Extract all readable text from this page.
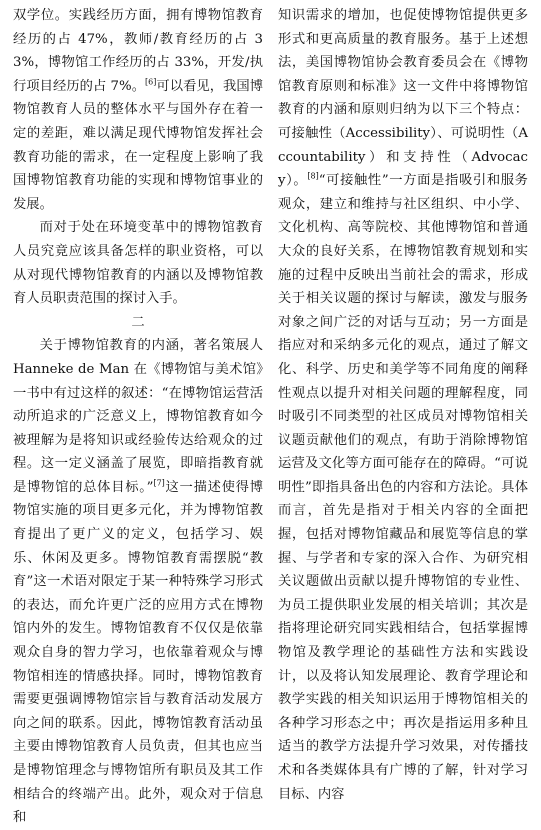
双学位。实践经历方面，拥有博物馆教育经历的占 47%，教师/教育经历的占 33%，博物馆工作经历的占 33%，开发/执行项目经历的占 7%。[6]可以看见，我国博物馆教育人员的整体水平与国外存在着一定的差距，难以满足现代博物馆发挥社会教育功能的需求，在一定程度上影响了我国博物馆教育功能的实现和博物馆事业的发展。

而对于处在环境变革中的博物馆教育人员究竟应该具备怎样的职业资格，可以从对现代博物馆教育的内涵以及博物馆教育人员职责范围的探讨入手。

二

关于博物馆教育的内涵，著名策展人 Hanneke de Man 在《博物馆与美术馆》一书中有过这样的叙述：“在博物馆运营活动所追求的广泛意义上，博物馆教育如今被理解为是将知识或经验传达给观众的过程。这一定义涵盖了展览，即暗指教育就是博物馆的总体目标。”[7]这一描述使得博物馆实施的项目更多元化，并为博物馆教育提出了更广义的定义，包括学习、娱乐、休闲及更多。博物馆教育需摆脱“教育”这一术语对限定于某一种特殊学习形式的表达，而允许更广泛的应用方式在博物馆内外的发生。博物馆教育不仅仅是依靠观众自身的智力学习，也依靠着观众与博物馆相连的情感抉择。同时，博物馆教育需要更强调博物馆宗旨与教育活动发展方向之间的联系。因此，博物馆教育活动虽主要由博物馆教育人员负责，但其也应当是博物馆理念与博物馆所有职员及其工作相结合的终端产出。此外，观众对于信息和

知识需求的增加，也促使博物馆提供更多形式和更高质量的教育服务。基于上述想法，美国博物馆协会教育委员会在《博物馆教育原则和标准》这一文件中将博物馆教育的内涵和原则归纳为以下三个特点：可接触性（Accessibility）、可说明性（Accountability）和支持性（Advocacy）。[8]“可接触性”一方面是指吸引和服务观众，建立和维持与社区组织、中小学、文化机构、高等院校、其他博物馆和普通大众的良好关系，在博物馆教育规划和实施的过程中反映出当前社会的需求，形成关于相关议题的探讨与解读，激发与服务对象之间广泛的对话与互动；另一方面是指应对和采纳多元化的观点，通过了解文化、科学、历史和美学等不同角度的阐释性观点以提升对相关问题的理解程度，同时吸引不同类型的社区成员对博物馆相关议题贡献他们的观点，有助于消除博物馆运营及文化等方面可能存在的障碍。“可说明性”即指具备出色的内容和方法论。具体而言，首先是指对于相关内容的全面把握，包括对博物馆藏品和展览等信息的掌握、与学者和专家的深入合作、为研究相关议题做出贡献以提升博物馆的专业性、为员工提供职业发展的相关培训；其次是指将理论研究同实践相结合，包括掌握博物馆及教学理论的基础性方法和实践设计，以及将认知发展理论、教育学理论和教学实践的相关知识运用于博物馆相关的各种学习形态之中；再次是指运用多种且适当的教学方法提升学习效果，对传播技术和各类媒体具有广博的了解，针对学习目标、内容
